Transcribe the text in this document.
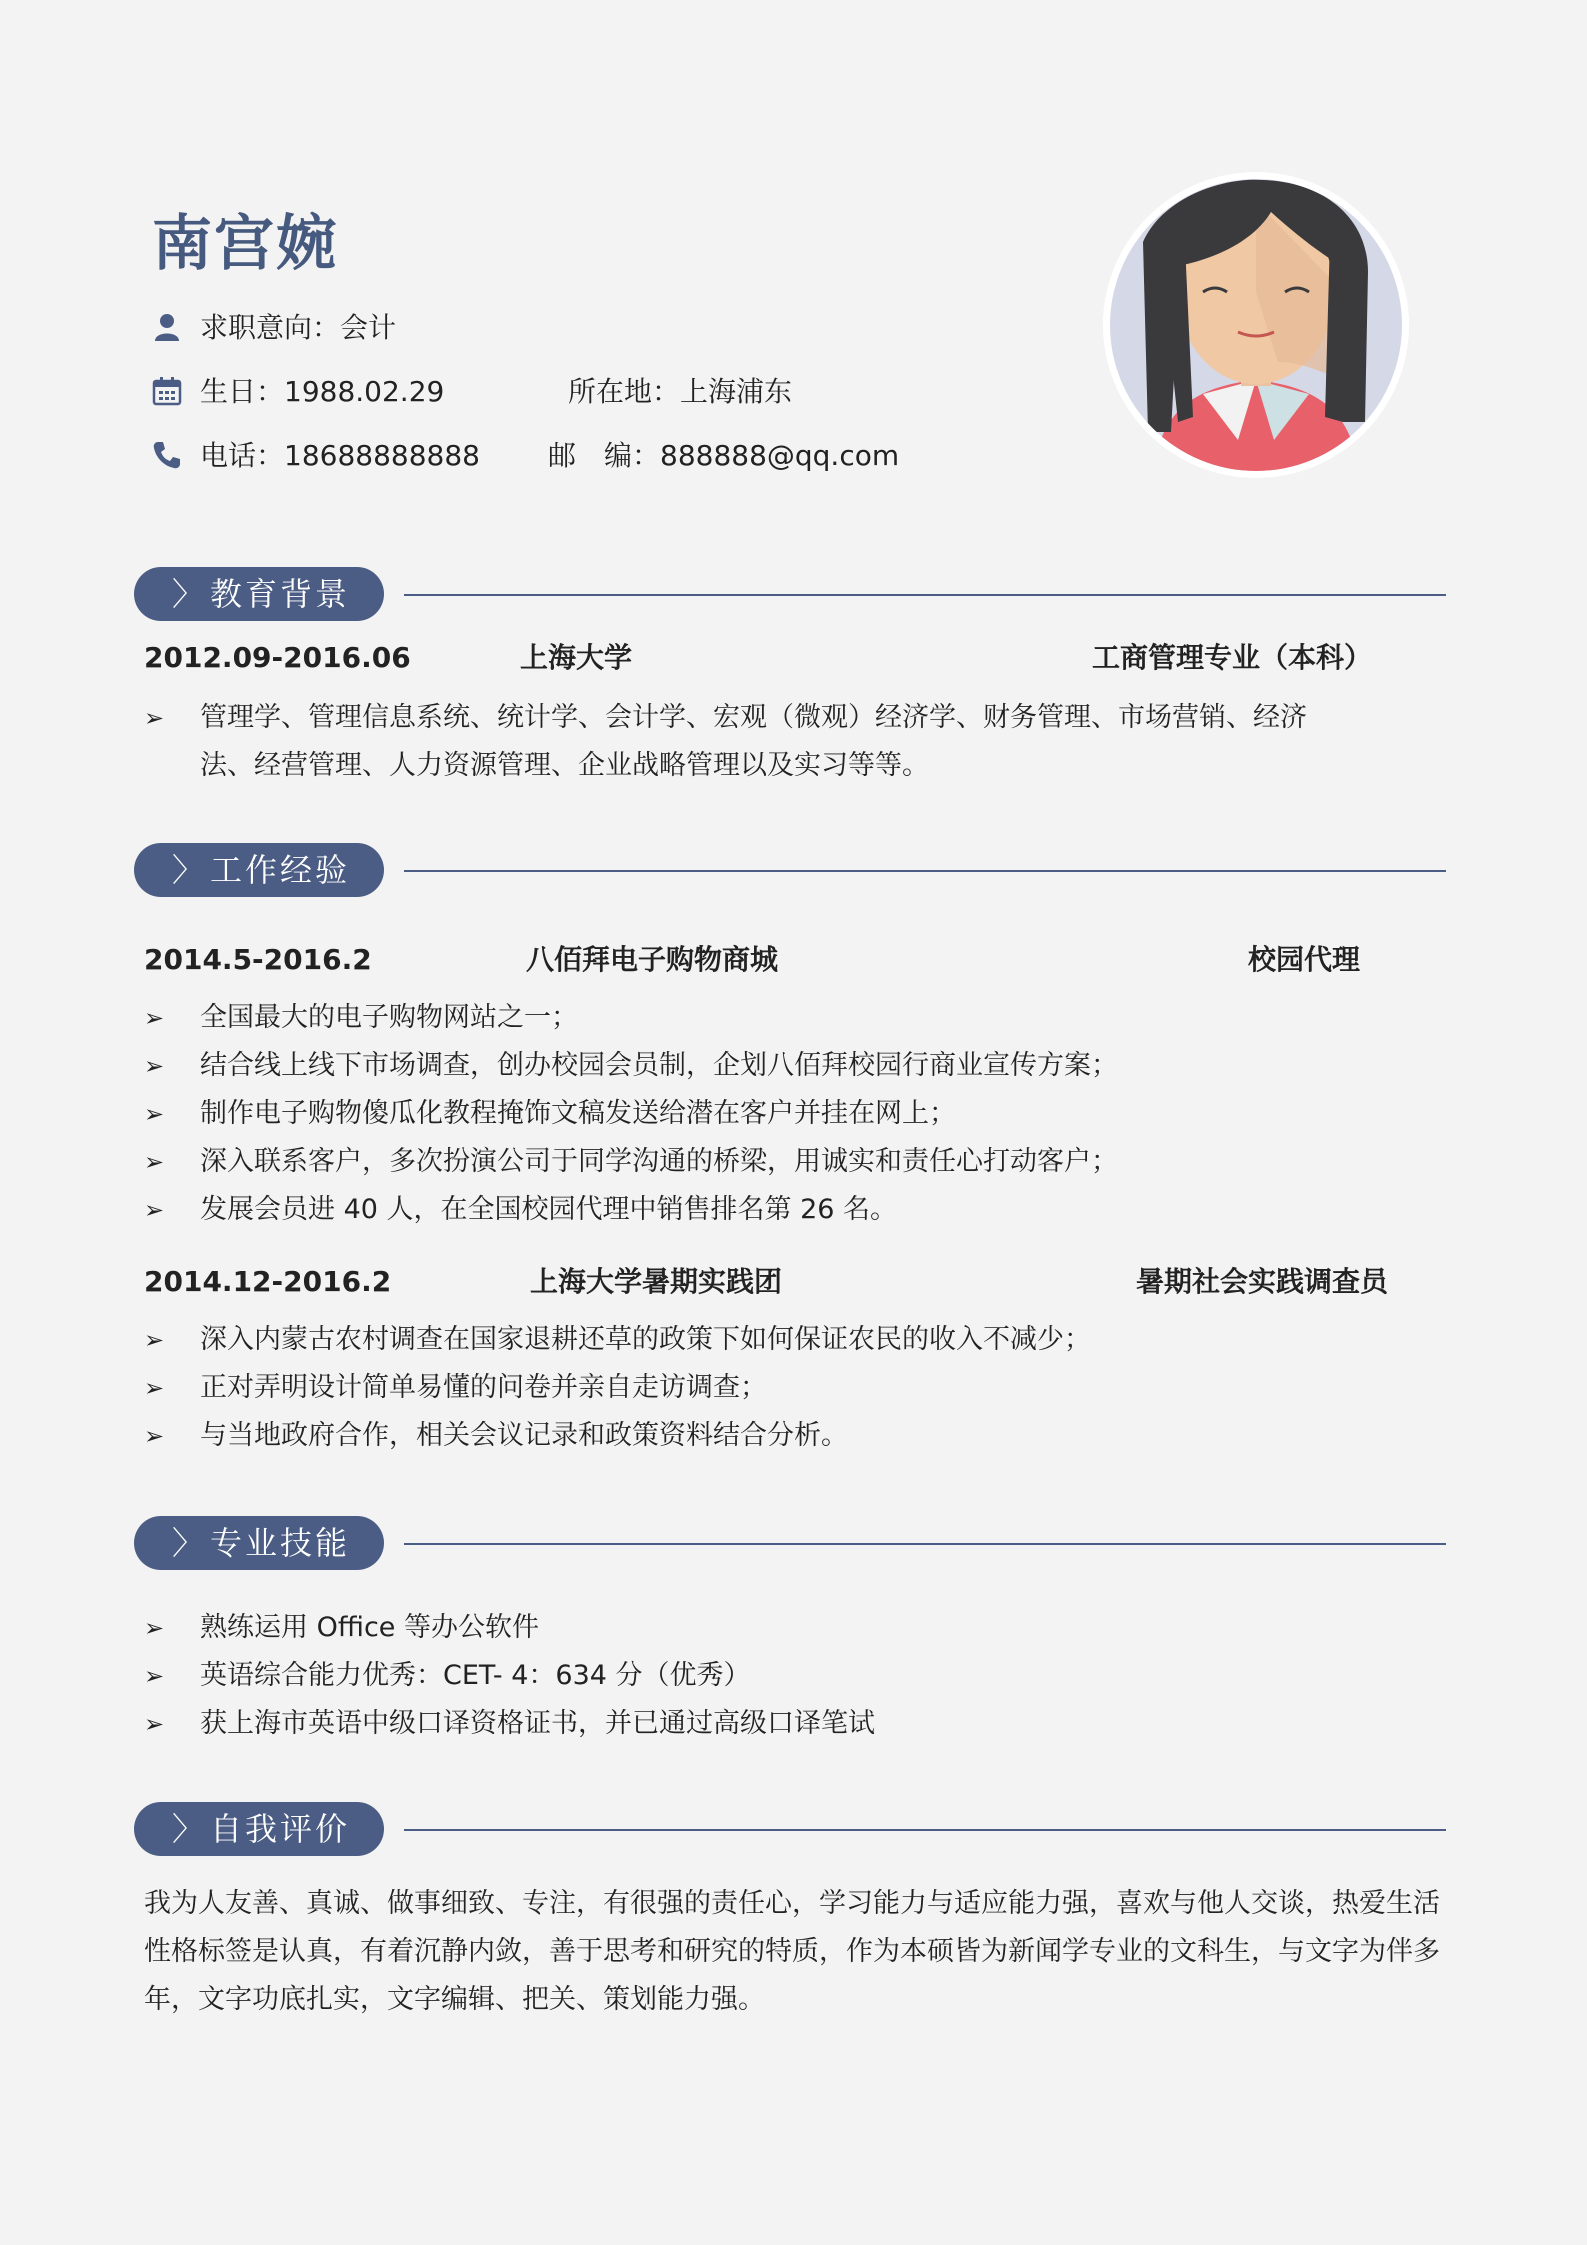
南宫婉
求职意向：会计
生日：1988.02.29	所在地：上海浦东
电话：18688888888 邮　编：888888@qq.com
〉 教育背景
2012.09-2016.06	上海大学	工商管理专业（本科）
➢ 管理学、管理信息系统、统计学、会计学、宏观（微观）经济学、财务管理、市场营销、经济法、经营管理、人力资源管理、企业战略管理以及实习等等。
〉 工作经验
2014.5-2016.2	八佰拜电子购物商城	校园代理
➢ 全国最大的电子购物网站之一；
➢ 结合线上线下市场调查，创办校园会员制，企划八佰拜校园行商业宣传方案；
➢ 制作电子购物傻瓜化教程掩饰文稿发送给潜在客户并挂在网上；
➢ 深入联系客户，多次扮演公司于同学沟通的桥梁，用诚实和责任心打动客户；
➢ 发展会员进 40 人，在全国校园代理中销售排名第 26 名。
2014.12-2016.2	上海大学暑期实践团	暑期社会实践调查员
➢ 深入内蒙古农村调查在国家退耕还草的政策下如何保证农民的收入不减少；
➢ 正对弄明设计简单易懂的问卷并亲自走访调查；
➢ 与当地政府合作，相关会议记录和政策资料结合分析。
〉 专业技能
➢ 熟练运用 Office 等办公软件
➢ 英语综合能力优秀：CET- 4：634 分（优秀）
➢ 获上海市英语中级口译资格证书，并已通过高级口译笔试
〉 自我评价

我为人友善、真诚、做事细致、专注，有很强的责任心，学习能力与适应能力强，喜欢与他人交谈，热爱生活性格标签是认真，有着沉静内敛，善于思考和研究的特质，作为本硕皆为新闻学专业的文科生，与文字为伴多年，文字功底扎实，文字编辑、把关、策划能力强。
